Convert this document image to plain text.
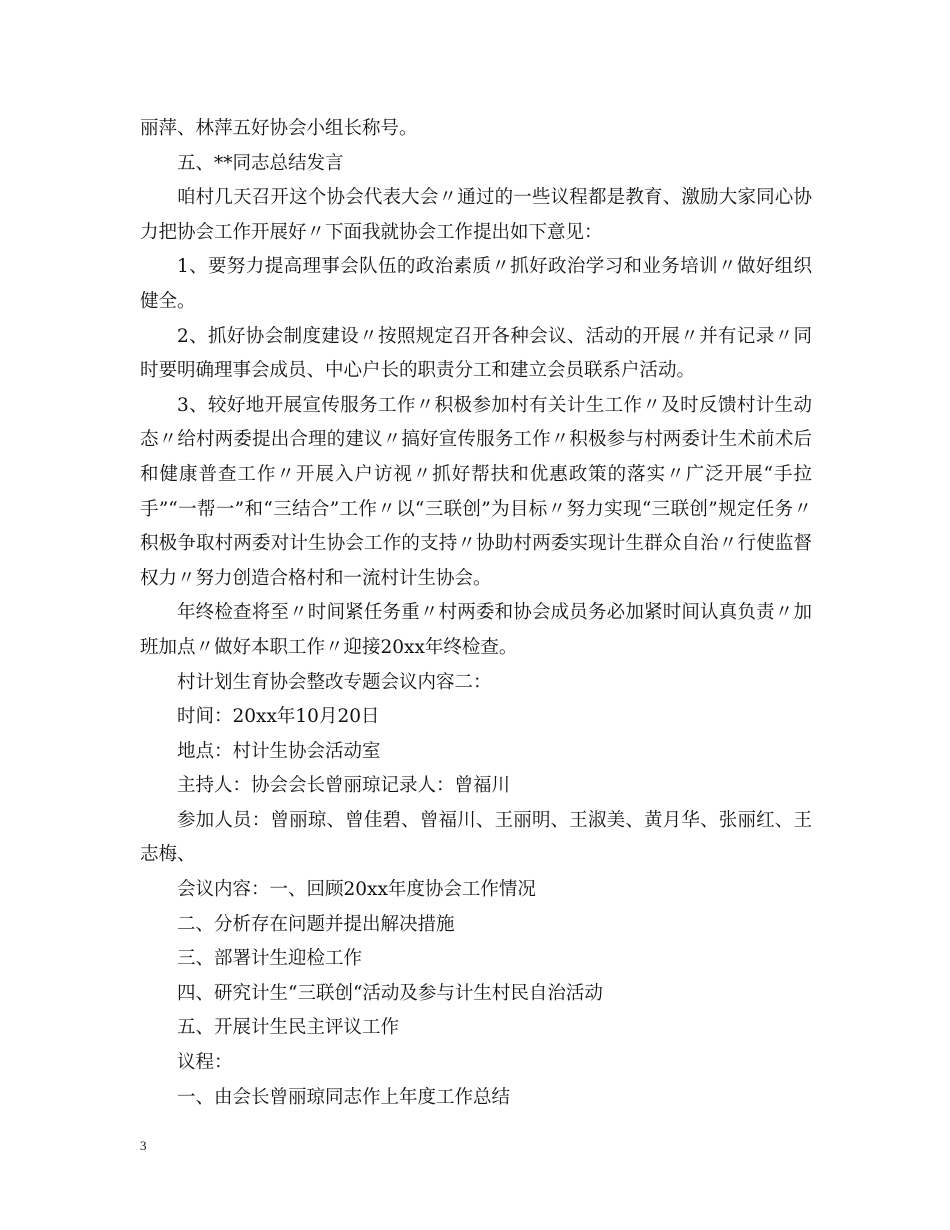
丽萍、林萍五好协会小组长称号。

五、**同志总结发言

咱村几天召开这个协会代表大会〃通过的一些议程都是教育、激励大家同心协力把协会工作开展好〃下面我就协会工作提出如下意见：

1、要努力提高理事会队伍的政治素质〃抓好政治学习和业务培训〃做好组织健全。

2、抓好协会制度建设〃按照规定召开各种会议、活动的开展〃并有记录〃同时要明确理事会成员、中心户长的职责分工和建立会员联系户活动。

3、较好地开展宣传服务工作〃积极参加村有关计生工作〃及时反馈村计生动态〃给村两委提出合理的建议〃搞好宣传服务工作〃积极参与村两委计生术前术后和健康普查工作〃开展入户访视〃抓好帮扶和优惠政策的落实〃广泛开展“手拉手”“一帮一”和“三结合”工作〃以“三联创”为目标〃努力实现“三联创”规定任务〃积极争取村两委对计生协会工作的支持〃协助村两委实现计生群众自治〃行使监督权力〃努力创造合格村和一流村计生协会。

年终检查将至〃时间紧任务重〃村两委和协会成员务必加紧时间认真负责〃加班加点〃做好本职工作〃迎接20xx年终检查。

村计划生育协会整改专题会议内容二：

时间：20xx年10月20日

地点：村计生协会活动室

主持人：协会会长曾丽琼记录人：曾福川

参加人员：曾丽琼、曾佳碧、曾福川、王丽明、王淑美、黄月华、张丽红、王志梅、

会议内容：一、回顾20xx年度协会工作情况

二、分析存在问题并提出解决措施

三、部署计生迎检工作

四、研究计生“三联创“活动及参与计生村民自治活动

五、开展计生民主评议工作

议程：

一、由会长曾丽琼同志作上年度工作总结

3
